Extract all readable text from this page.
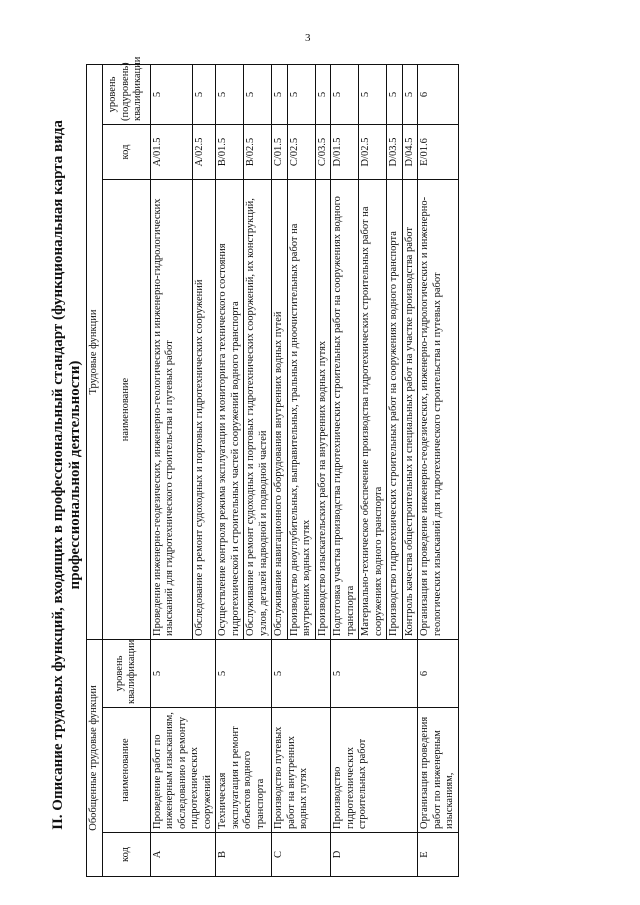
3
II. Описание трудовых функций, входящих в профессиональный стандарт (функциональная карта вида профессиональной деятельности)
Обобщенные трудовые функции			Трудовые функции		
код	наименование	уровень квалификации	наименование	код	уровень (подуровень) квалификации
A	Проведение работ по инженерным изысканиям, обследованию и ремонту гидротехнических сооружений	5	Проведение инженерно-геодезических, инженерно-геологических и инженерно-гидрологических изысканий для гидротехнического строительства и путевых работ	A/01.5	5
			Обследование и ремонт судоходных и портовых гидротехнических сооружений	A/02.5	5
B	Техническая эксплуатация и ремонт объектов водного транспорта	5	Осуществление контроля режима эксплуатации и мониторинга технического состояния гидротехнической и строительных частей сооружений водного транспорта	B/01.5	5
			Обслуживание и ремонт судоходных и портовых гидротехнических сооружений, их конструкций, узлов, деталей надводной и подводной частей	B/02.5	5
C	Производство путевых работ на внутренних водных путях	5	Обслуживание навигационного оборудования внутренних водных путей	C/01.5	5
			Производство дноуглубительных, выправительных, тральных и дноочистительных работ на внутренних водных путях	C/02.5	5
			Производство изыскательских работ на внутренних водных путях	C/03.5	5
D	Производство гидротехнических строительных работ	5	Подготовка участка производства гидротехнических строительных работ на сооружениях водного транспорта	D/01.5	5
			Материально-техническое обеспечение производства гидротехнических строительных работ на сооружениях водного транспорта	D/02.5	5
			Производство гидротехнических строительных работ на сооружениях водного транспорта	D/03.5	5
			Контроль качества общестроительных и специальных работ на участке производства работ	D/04.5	5
E	Организация проведения работ по инженерным изысканиям,	6	Организация и проведение инженерно-геодезических, инженерно-гидрологических и инженерно-геологических изысканий для гидротехнического строительства и путевых работ	E/01.6	6
